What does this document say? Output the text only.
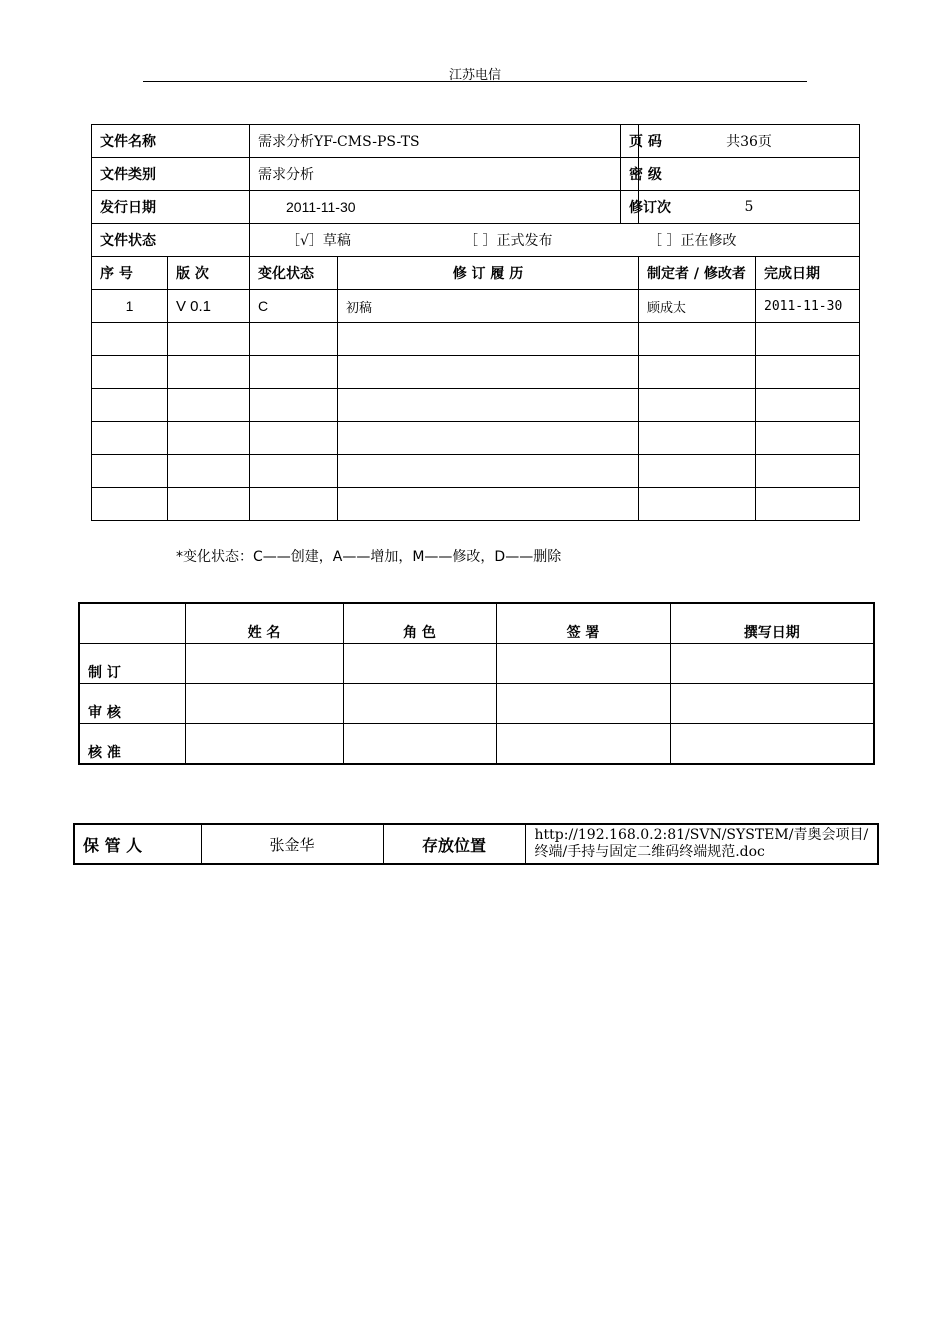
江苏电信
文件名称		需求分析YF-CMS-PS-TS		页 码	共36页	
文件类别		需求分析		密 级		
发行日期		2011-11-30		修订次	5	
文件状态		［√］草稿 ［ ］正式发布 ［ ］正在修改				
序 号	版 次	变化状态	修 订 履 历		制定者 / 修改者	完成日期
1	V 0.1	C	初稿		顾成太	2011-11-30

*变化状态：C——创建，A——增加，M——修改，D——删除
	姓 名	角 色	签 署	撰写日期
制 订				
审 核				
核 准				
保 管 人	张金华	存放位置	http://192.168.0.2:81/SVN/SYSTEM/青奥会项目/终端/手持与固定二维码终端规范.doc
